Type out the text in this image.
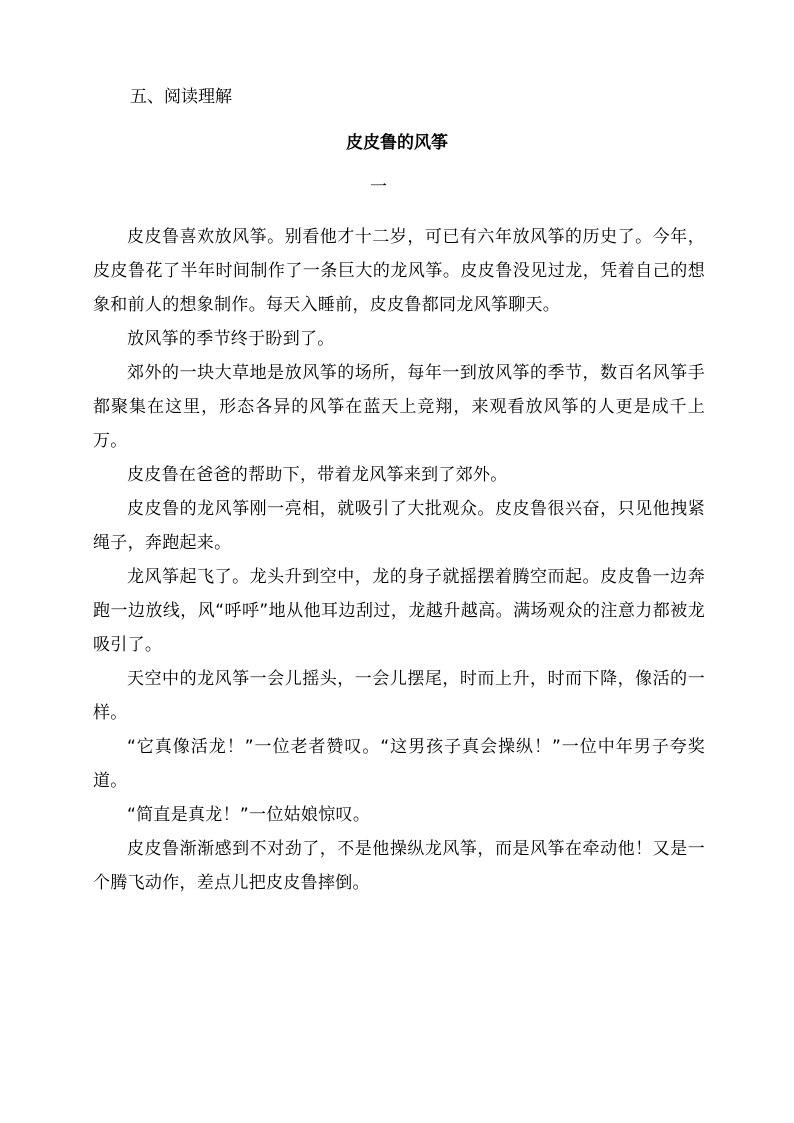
五、阅读理解
皮皮鲁的风筝
一

皮皮鲁喜欢放风筝。别看他才十二岁，可已有六年放风筝的历史了。今年， 皮皮鲁花了半年时间制作了一条巨大的龙风筝。皮皮鲁没见过龙，凭着自己的想象和前人的想象制作。每天入睡前，皮皮鲁都同龙风筝聊天。

放风筝的季节终于盼到了。

郊外的一块大草地是放风筝的场所，每年一到放风筝的季节，数百名风筝手都聚集在这里，形态各异的风筝在蓝天上竞翔，来观看放风筝的人更是成千上万。

皮皮鲁在爸爸的帮助下，带着龙风筝来到了郊外。

皮皮鲁的龙风筝刚一亮相，就吸引了大批观众。皮皮鲁很兴奋，只见他拽紧绳子，奔跑起来。

龙风筝起飞了。龙头升到空中，龙的身子就摇摆着腾空而起。皮皮鲁一边奔跑一边放线，风“呼呼”地从他耳边刮过，龙越升越高。满场观众的注意力都被龙吸引了。

天空中的龙风筝一会儿摇头，一会儿摆尾，时而上升，时而下降，像活的一样。

“它真像活龙！”一位老者赞叹。“这男孩子真会操纵！”一位中年男子夸奖道。

“简直是真龙！”一位姑娘惊叹。

皮皮鲁渐渐感到不对劲了，不是他操纵龙风筝，而是风筝在牵动他！又是一个腾飞动作，差点儿把皮皮鲁摔倒。
